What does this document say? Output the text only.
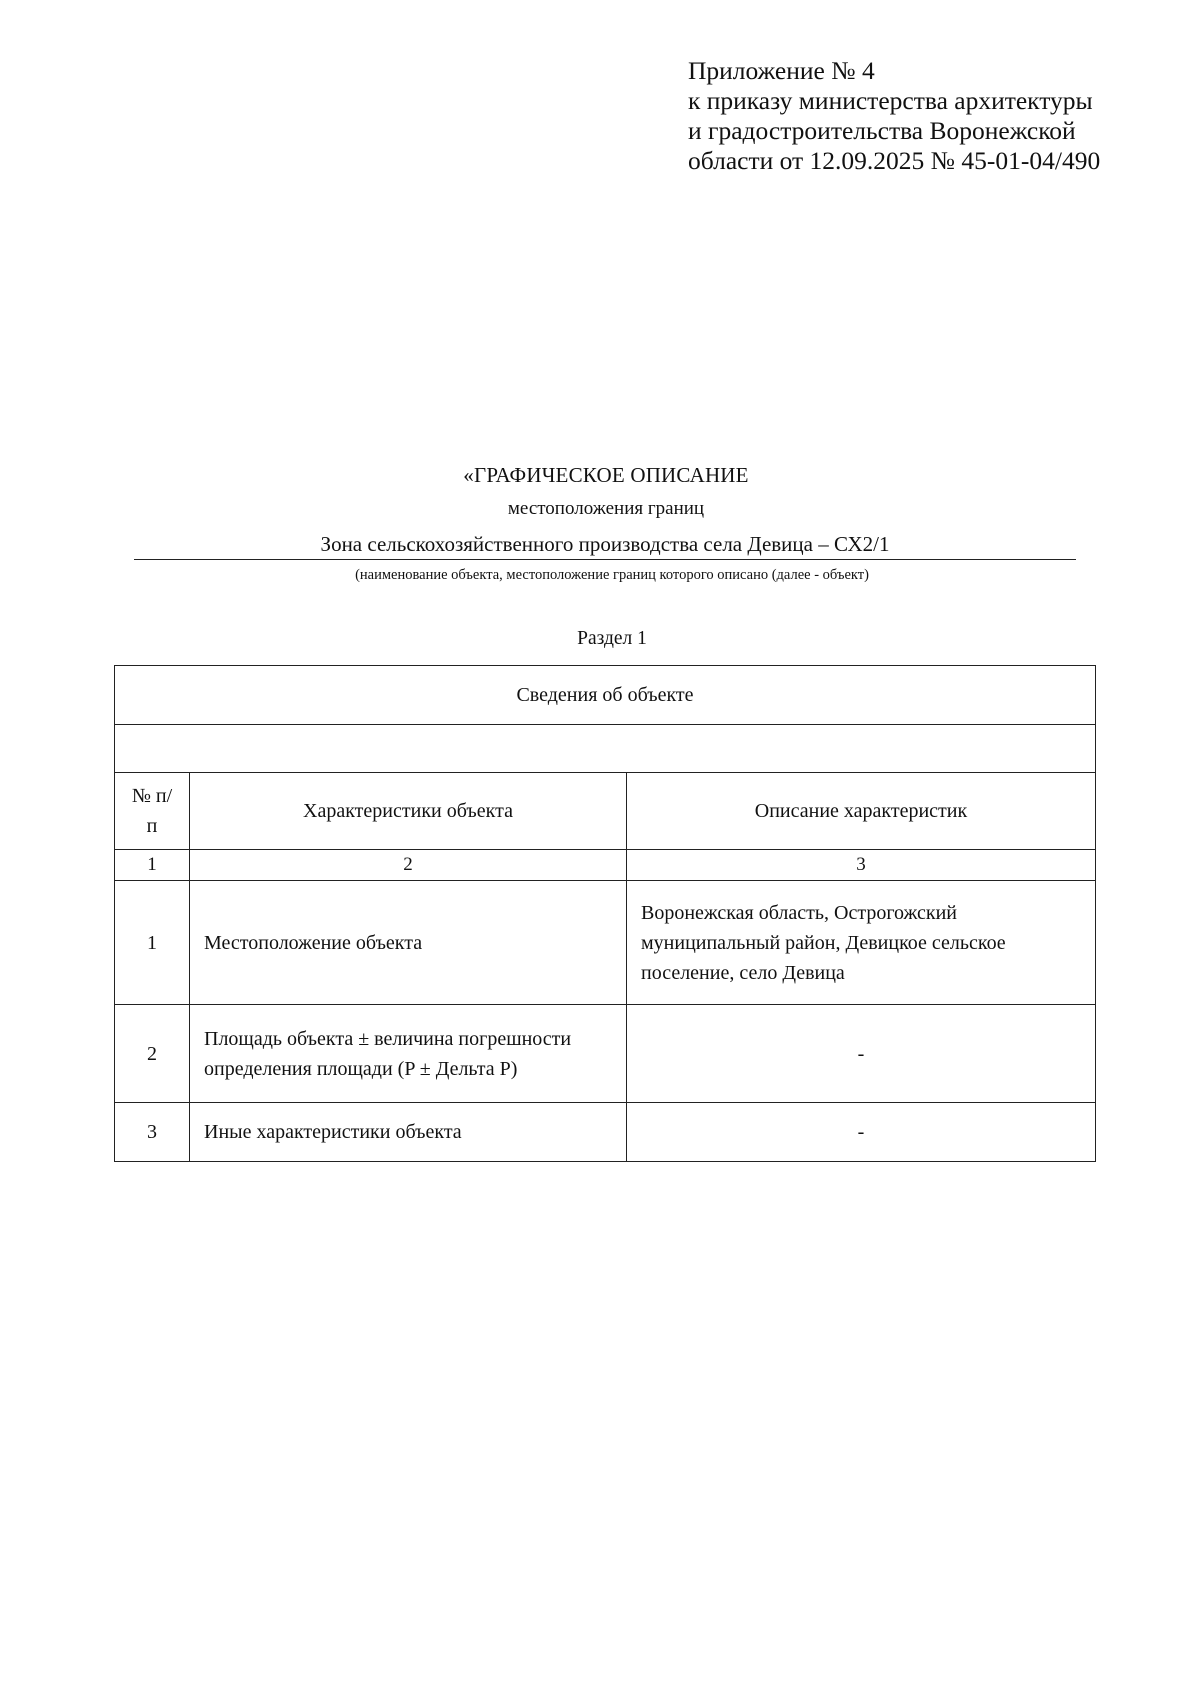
Приложение № 4
к приказу министерства архитектуры
и градостроительства Воронежской
области от 12.09.2025 № 45-01-04/490
«ГРАФИЧЕСКОЕ ОПИСАНИЕ
местоположения границ
Зона сельскохозяйственного производства села Девица – СХ2/1
(наименование объекта, местоположение границ которого описано (далее - объект)
Раздел 1
Сведения об объекте		

№ п/п	Характеристики объекта	Описание характеристик
1	2	3
1	Местоположение объекта	Воронежская область, Острогожский муниципальный район, Девицкое сельское поселение, село Девица
2	Площадь объекта ± величина погрешности определения площади (P ± Дельта P)	-
3	Иные характеристики объекта	-
